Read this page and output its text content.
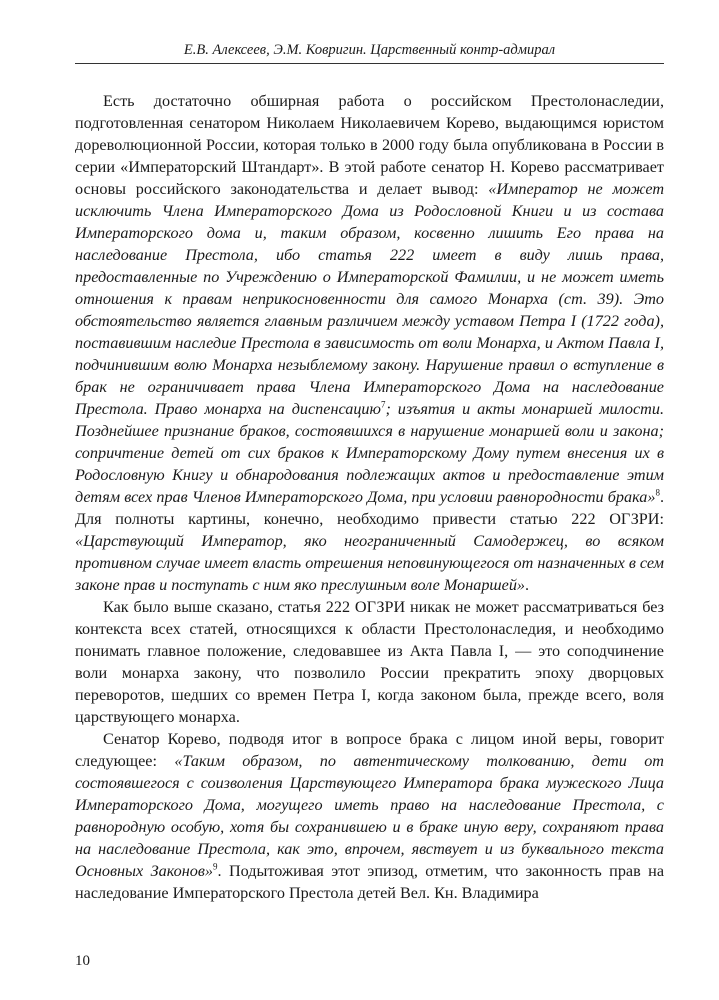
Е.В. Алексеев, Э.М. Ковригин. Царственный контр-адмирал

Есть достаточно обширная работа о российском Престолонаследии, подготовленная сенатором Николаем Николаевичем Корево, выдающимся юристом дореволюционной России, которая только в 2000 году была опубликована в России в серии «Императорский Штандарт». В этой работе сенатор Н. Корево рассматривает основы российского законодательства и делает вывод: «Император не может исключить Члена Императорского Дома из Родословной Книги и из состава Императорского дома и, таким образом, косвенно лишить Его права на наследование Престола, ибо статья 222 имеет в виду лишь права, предоставленные по Учреждению о Императорской Фамилии, и не может иметь отношения к правам неприкосновенности для самого Монарха (ст. 39). Это обстоятельство является главным различием между уставом Петра I (1722 года), поставившим наследие Престола в зависимость от воли Монарха, и Актом Павла I, подчинившим волю Монарха незыблемому закону. Нарушение правил о вступление в брак не ограничивает права Члена Императорского Дома на наследование Престола. Право монарха на диспенсацию$^7$; изъятия и акты монаршей милости. Позднейшее признание браков, состоявшихся в нарушение монаршей воли и закона; сопричтение детей от сих браков к Императорскому Дому путем внесения их в Родословную Книгу и обнародования подлежащих актов и предоставление этим детям всех прав Членов Императорского Дома, при условии равнородности брака»$^8$. Для полноты картины, конечно, необходимо привести статью 222 ОГЗРИ: «Царствующий Император, яко неограниченный Самодержец, во всяком противном случае имеет власть отрешения неповинующегося от назначенных в сем законе прав и поступать с ним яко преслушным воле Монаршей».

Как было выше сказано, статья 222 ОГЗРИ никак не может рассматриваться без контекста всех статей, относящихся к области Престолонаследия, и необходимо понимать главное положение, следовавшее из Акта Павла I, — это соподчинение воли монарха закону, что позволило России прекратить эпоху дворцовых переворотов, шедших со времен Петра I, когда законом была, прежде всего, воля царствующего монарха.

Сенатор Корево, подводя итог в вопросе брака с лицом иной веры, говорит следующее: «Таким образом, по автентическому толкованию, дети от состоявшегося с соизволения Царствующего Императора брака мужеского Лица Императорского Дома, могущего иметь право на наследование Престола, с равнородную особую, хотя бы сохранившею и в браке иную веру, сохраняют права на наследование Престола, как это, впрочем, явствует и из буквального текста Основных Законов»$^9$. Подытоживая этот эпизод, отметим, что законность прав на наследование Императорского Престола детей Вел. Кн. Владимира

10
